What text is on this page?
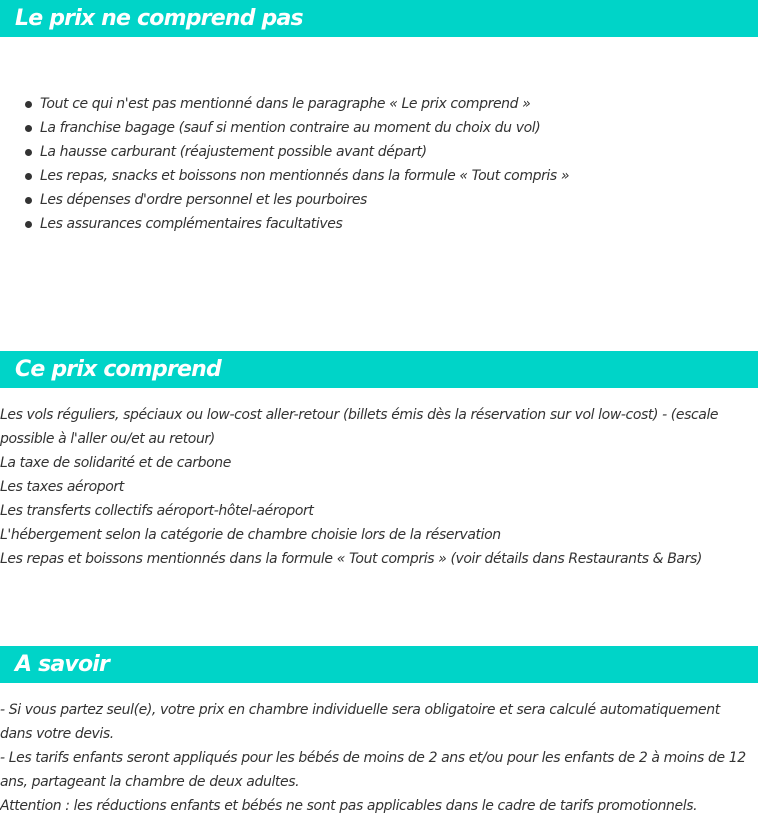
Le prix ne comprend pas
Tout ce qui n'est pas mentionné dans le paragraphe « Le prix comprend »
La franchise bagage (sauf si mention contraire au moment du choix du vol)
La hausse carburant (réajustement possible avant départ)
Les repas, snacks et boissons non mentionnés dans la formule « Tout compris »
Les dépenses d'ordre personnel et les pourboires
Les assurances complémentaires facultatives
Ce prix comprend

Les vols réguliers, spéciaux ou low-cost aller-retour (billets émis dès la réservation sur vol low-cost) - (escale possible à l'aller ou/et au retour)

La taxe de solidarité et de carbone

Les taxes aéroport

Les transferts collectifs aéroport-hôtel-aéroport

L'hébergement selon la catégorie de chambre choisie lors de la réservation

Les repas et boissons mentionnés dans la formule « Tout compris » (voir détails dans Restaurants & Bars)

A savoir

- Si vous partez seul(e), votre prix en chambre individuelle sera obligatoire et sera calculé automatiquement dans votre devis.

- Les tarifs enfants seront appliqués pour les bébés de moins de 2 ans et/ou pour les enfants de 2 à moins de 12 ans, partageant la chambre de deux adultes.

Attention : les réductions enfants et bébés ne sont pas applicables dans le cadre de tarifs promotionnels.
